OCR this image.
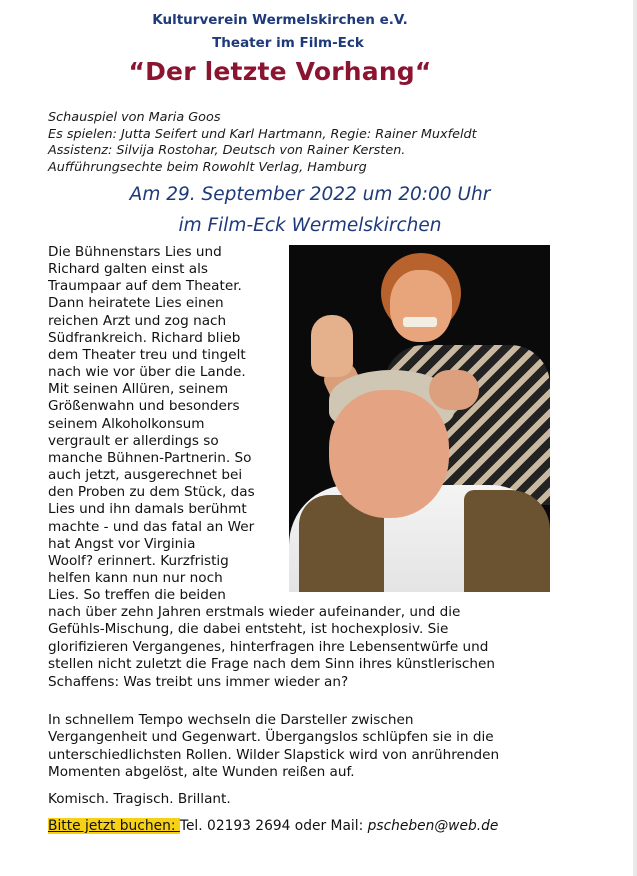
Kulturverein Wermelskirchen e.V.
Theater im Film-Eck
“Der letzte Vorhang“
Schauspiel von Maria Goos
Es spielen: Jutta Seifert und Karl Hartmann, Regie: Rainer Muxfeldt
Assistenz: Silvija Rostohar, Deutsch von Rainer Kersten.
Aufführungsechte beim Rowohlt Verlag, Hamburg
Am 29. September 2022 um 20:00 Uhr
im Film-Eck Wermelskirchen
Die Bühnenstars Lies und
Richard galten einst als
Traumpaar auf dem Theater.
Dann heiratete Lies einen
reichen Arzt und zog nach
Südfrankreich. Richard blieb
dem Theater treu und tingelt
nach wie vor über die Lande.
Mit seinen Allüren, seinem
Größenwahn und besonders
seinem Alkoholkonsum
vergrault er allerdings so
manche Bühnen-Partnerin. So
auch jetzt, ausgerechnet bei
den Proben zu dem Stück, das
Lies und ihn damals berühmt
machte - und das fatal an Wer
hat Angst vor Virginia
Woolf? erinnert. Kurzfristig
helfen kann nun nur noch
Lies. So treffen die beiden
nach über zehn Jahren erstmals wieder aufeinander, und die
Gefühls-Mischung, die dabei entsteht, ist hochexplosiv. Sie
glorifizieren Vergangenes, hinterfragen ihre Lebensentwürfe und
stellen nicht zuletzt die Frage nach dem Sinn ihres künstlerischen
Schaffens: Was treibt uns immer wieder an?
In schnellem Tempo wechseln die Darsteller zwischen
Vergangenheit und Gegenwart. Übergangslos schlüpfen sie in die
unterschiedlichsten Rollen. Wilder Slapstick wird von anrührenden
Momenten abgelöst, alte Wunden reißen auf.
Komisch. Tragisch. Brillant.
Bitte jetzt buchen: Tel. 02193 2694 oder Mail: pscheben@web.de
